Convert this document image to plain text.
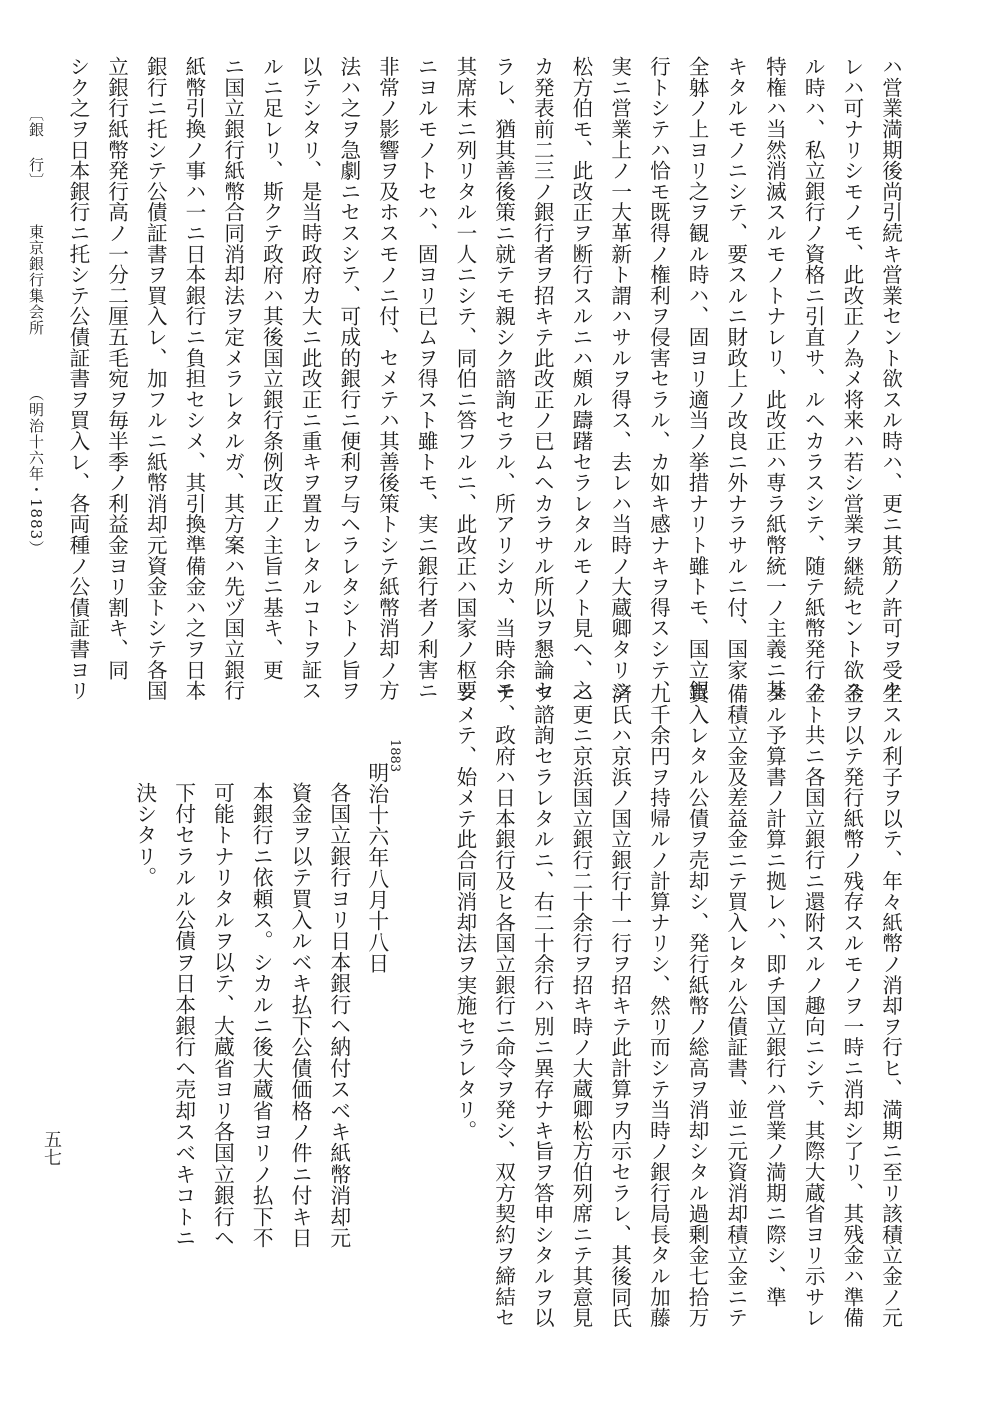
ハ営業満期後尚引続キ営業セント欲スル時ハ、更ニ其筋ノ許可ヲ受ク
レハ可ナリシモノモ、此改正ノ為メ将来ハ若シ営業ヲ継続セント欲ス
ル時ハ、私立銀行ノ資格ニ引直サ、ルヘカラスシテ、随テ紙幣発行ノ
特権ハ当然消滅スルモノトナレリ、此改正ハ専ラ紙幣統一ノ主義ニ基
キタルモノニシテ、要スルニ財政上ノ改良ニ外ナラサルニ付、国家
全躰ノ上ヨリ之ヲ観ル時ハ、固ヨリ適当ノ挙措ナリト雖トモ、国立銀
行トシテハ恰モ既得ノ権利ヲ侵害セラル、カ如キ感ナキヲ得スシテ、
実ニ営業上ノ一大革新ト謂ハサルヲ得ス、去レハ当時ノ大蔵卿タリシ
松方伯モ、此改正ヲ断行スルニハ頗ル躊躇セラレタルモノト見ヘ、之
カ発表前二三ノ銀行者ヲ招キテ此改正ノ已ムヘカラサル所以ヲ懇論セ
ラレ、猶其善後策ニ就テモ親シク諮詢セラル、所アリシカ、当時余モ
其席末ニ列リタル一人ニシテ、同伯ニ答フルニ、此改正ハ国家ノ枢要
ニヨルモノトセハ、固ヨリ已ムヲ得スト雖トモ、実ニ銀行者ノ利害ニ
非常ノ影響ヲ及ホスモノニ付、セメテハ其善後策トシテ紙幣消却ノ方
法ハ之ヲ急劇ニセスシテ、可成的銀行ニ便利ヲ与ヘラレタシトノ旨ヲ
以テシタリ、是当時政府カ大ニ此改正ニ重キヲ置カレタルコトヲ証ス
ルニ足レリ、斯クテ政府ハ其後国立銀行条例改正ノ主旨ニ基キ、更
ニ国立銀行紙幣合同消却法ヲ定メラレタルガ、其方案ハ先ヅ国立銀行
紙幣引換ノ事ハ一ニ日本銀行ニ負担セシメ、其引換準備金ハ之ヲ日本
銀行ニ托シテ公債証書ヲ買入レ、加フルニ紙幣消却元資金トシテ各国
立銀行紙幣発行高ノ一分二厘五毛宛ヲ毎半季ノ利益金ヨリ割キ、同
シク之ヲ日本銀行ニ托シテ公債証書ヲ買入レ、各両種ノ公債証書ヨリ
生スル利子ヲ以テ、年々紙幣ノ消却ヲ行ヒ、満期ニ至リ該積立金ノ元
金ヲ以テ発行紙幣ノ残存スルモノヲ一時ニ消却シ了リ、其残金ハ準備
金ト共ニ各国立銀行ニ還附スルノ趣向ニシテ、其際大蔵省ヨリ示サレ
タル予算書ノ計算ニ拠レハ、即チ国立銀行ハ営業ノ満期ニ際シ、準
備積立金及差益金ニテ買入レタル公債証書、並ニ元資消却積立金ニテ
買入レタル公債ヲ売却シ、発行紙幣ノ総高ヲ消却シタル過剰金七拾万
九千余円ヲ持帰ルノ計算ナリシ、然リ而シテ当時ノ銀行局長タル加藤
済氏ハ京浜ノ国立銀行十一行ヲ招キテ此計算ヲ内示セラレ、其後同氏
ハ更ニ京浜国立銀行二十余行ヲ招キ時ノ大蔵卿松方伯列席ニテ其意見
ヲ諮詢セラレタルニ、右二十余行ハ別ニ異存ナキ旨ヲ答申シタルヲ以
テ、政府ハ日本銀行及ヒ各国立銀行ニ命令ヲ発シ、双方契約ヲ締結セ
シメテ、始メテ此合同消却法ヲ実施セラレタリ。
1883
明治十六年八月十八日
各国立銀行ヨリ日本銀行ヘ納付スベキ紙幣消却元
資金ヲ以テ買入ルベキ払下公債価格ノ件ニ付キ日
本銀行ニ依頼ス。シカルニ後大蔵省ヨリノ払下不
可能トナリタルヲ以テ、大蔵省ヨリ各国立銀行ヘ
下付セラルル公債ヲ日本銀行ヘ売却スベキコトニ
決シタリ。
〔銀 行〕
東京銀行集会所
（明治十六年・1883）
五七
